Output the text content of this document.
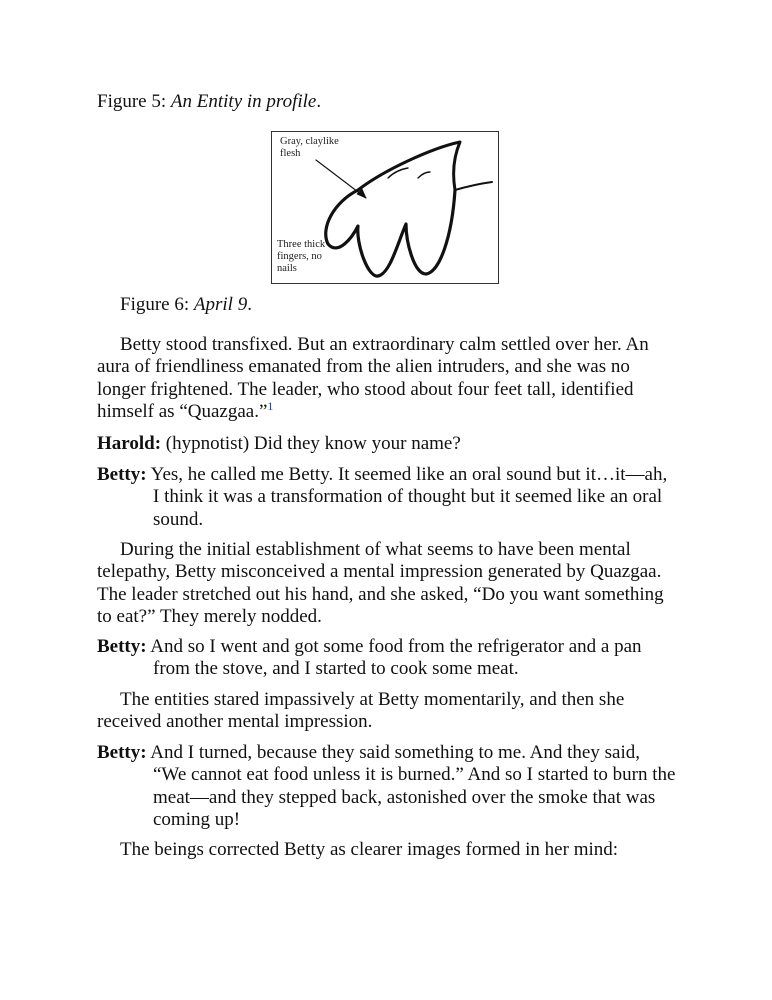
Figure 5: An Entity in profile.
Gray, claylike
flesh
Three thick
fingers, no
nails
Figure 6: April 9.

Betty stood transfixed. But an extraordinary calm settled over her. An
aura of friendliness emanated from the alien intruders, and she was no
longer frightened. The leader, who stood about four feet tall, identified
himself as “Quazgaa.”$^1$

Harold: (hypnotist) Did they know your name?

Betty: Yes, he called me Betty. It seemed like an oral sound but it…it—ah,
I think it was a transformation of thought but it seemed like an oral
sound.

During the initial establishment of what seems to have been mental
telepathy, Betty misconceived a mental impression generated by Quazgaa.
The leader stretched out his hand, and she asked, “Do you want something
to eat?” They merely nodded.

Betty: And so I went and got some food from the refrigerator and a pan
from the stove, and I started to cook some meat.

The entities stared impassively at Betty momentarily, and then she
received another mental impression.

Betty: And I turned, because they said something to me. And they said,
“We cannot eat food unless it is burned.” And so I started to burn the
meat—and they stepped back, astonished over the smoke that was
coming up!

The beings corrected Betty as clearer images formed in her mind:
